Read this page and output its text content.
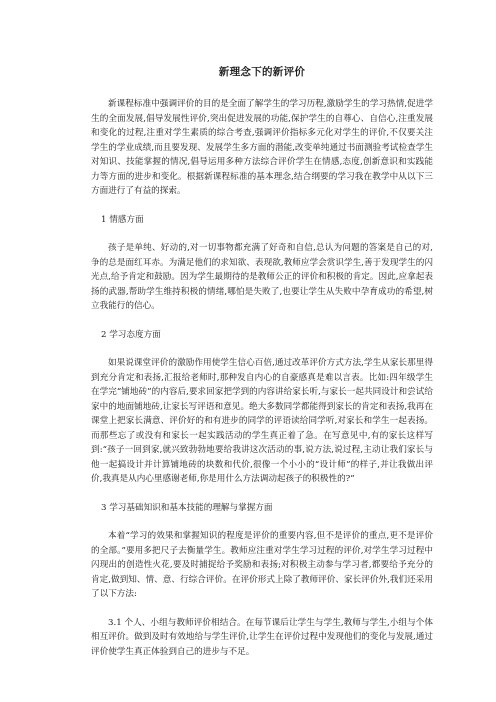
新理念下的新评价

新课程标准中强调评价的目的是全面了解学生的学习历程,激励学生的学习热情,促进学生的全面发展,倡导发展性评价,突出促进发展的功能,保护学生的自尊心、自信心,注重发展和变化的过程,注重对学生素质的综合考查,强调评价指标多元化对学生的评价,不仅要关注学生的学业成绩,而且要发现、发展学生多方面的潜能,改变单纯通过书面测验考试检查学生对知识、技能掌握的情况,倡导运用多种方法综合评价学生在情感,态度,创新意识和实践能力等方面的进步和变化。根据新课程标准的基本理念,结合纲要的学习我在教学中从以下三方面进行了有益的探索。

1 情感方面

孩子是单纯、好动的,对一切事物都充满了好奇和自信,总认为问题的答案是自己的对,争的总是面红耳赤。为满足他们的求知欲、表现欲,教师应学会赏识学生,善于发现学生的闪光点,给予肯定和鼓励。因为学生最期待的是教师公正的评价和积极的肯定。因此,应拿起表扬的武器,帮助学生维持积极的情绪,哪怕是失败了,也要让学生从失败中孕育成功的希望,树立我能行的信心。

2 学习态度方面

如果说课堂评价的激励作用使学生信心百倍,通过改革评价方式方法,学生从家长那里得到充分肯定和表扬,汇报给老师时,那种发自内心的自豪感真是难以言表。比如:四年级学生在学完“铺地砖”的内容后,要求回家把学到的内容讲给家长听,与家长一起共同设计和尝试给家中的地面铺地砖,让家长写评语和意见。绝大多数同学都能得到家长的肯定和表扬,我再在课堂上把家长满意、评价好的和有进步的同学的评语读给同学听,对家长和学生一起表扬。而那些忘了或没有和家长一起实践活动的学生真正着了急。在写意见中,有的家长这样写到:“孩子一回到家,就兴致勃勃地要给我讲这次活动的事,说方法,说过程,主动让我们家长与他一起搞设计并计算铺地砖的块数和代价,很像一个小小的“设计师”的样子,并让我做出评价,我真是从内心里感谢老师,你是用什么方法调动起孩子的积极性的?”

3 学习基础知识和基本技能的理解与掌握方面

本着“学习的效果和掌握知识的程度是评价的重要内容,但不是评价的重点,更不是评价的全部。”要用多把尺子去衡量学生。教师应注重对学生学习过程的评价,对学生学习过程中闪现出的创造性火花,要及时捕捉给予奖励和表扬;对积极主动参与学习者,都要给予充分的肯定,做到知、情、意、行综合评价。在评价形式上除了教师评价、家长评价外,我们还采用了以下方法:

3.1 个人、小组与教师评价相结合。在每节课后让学生与学生,教师与学生,小组与个体相互评价。做到及时有效地给与学生评价,让学生在评价过程中发现他们的变化与发展,通过评价使学生真正体验到自己的进步与不足。
